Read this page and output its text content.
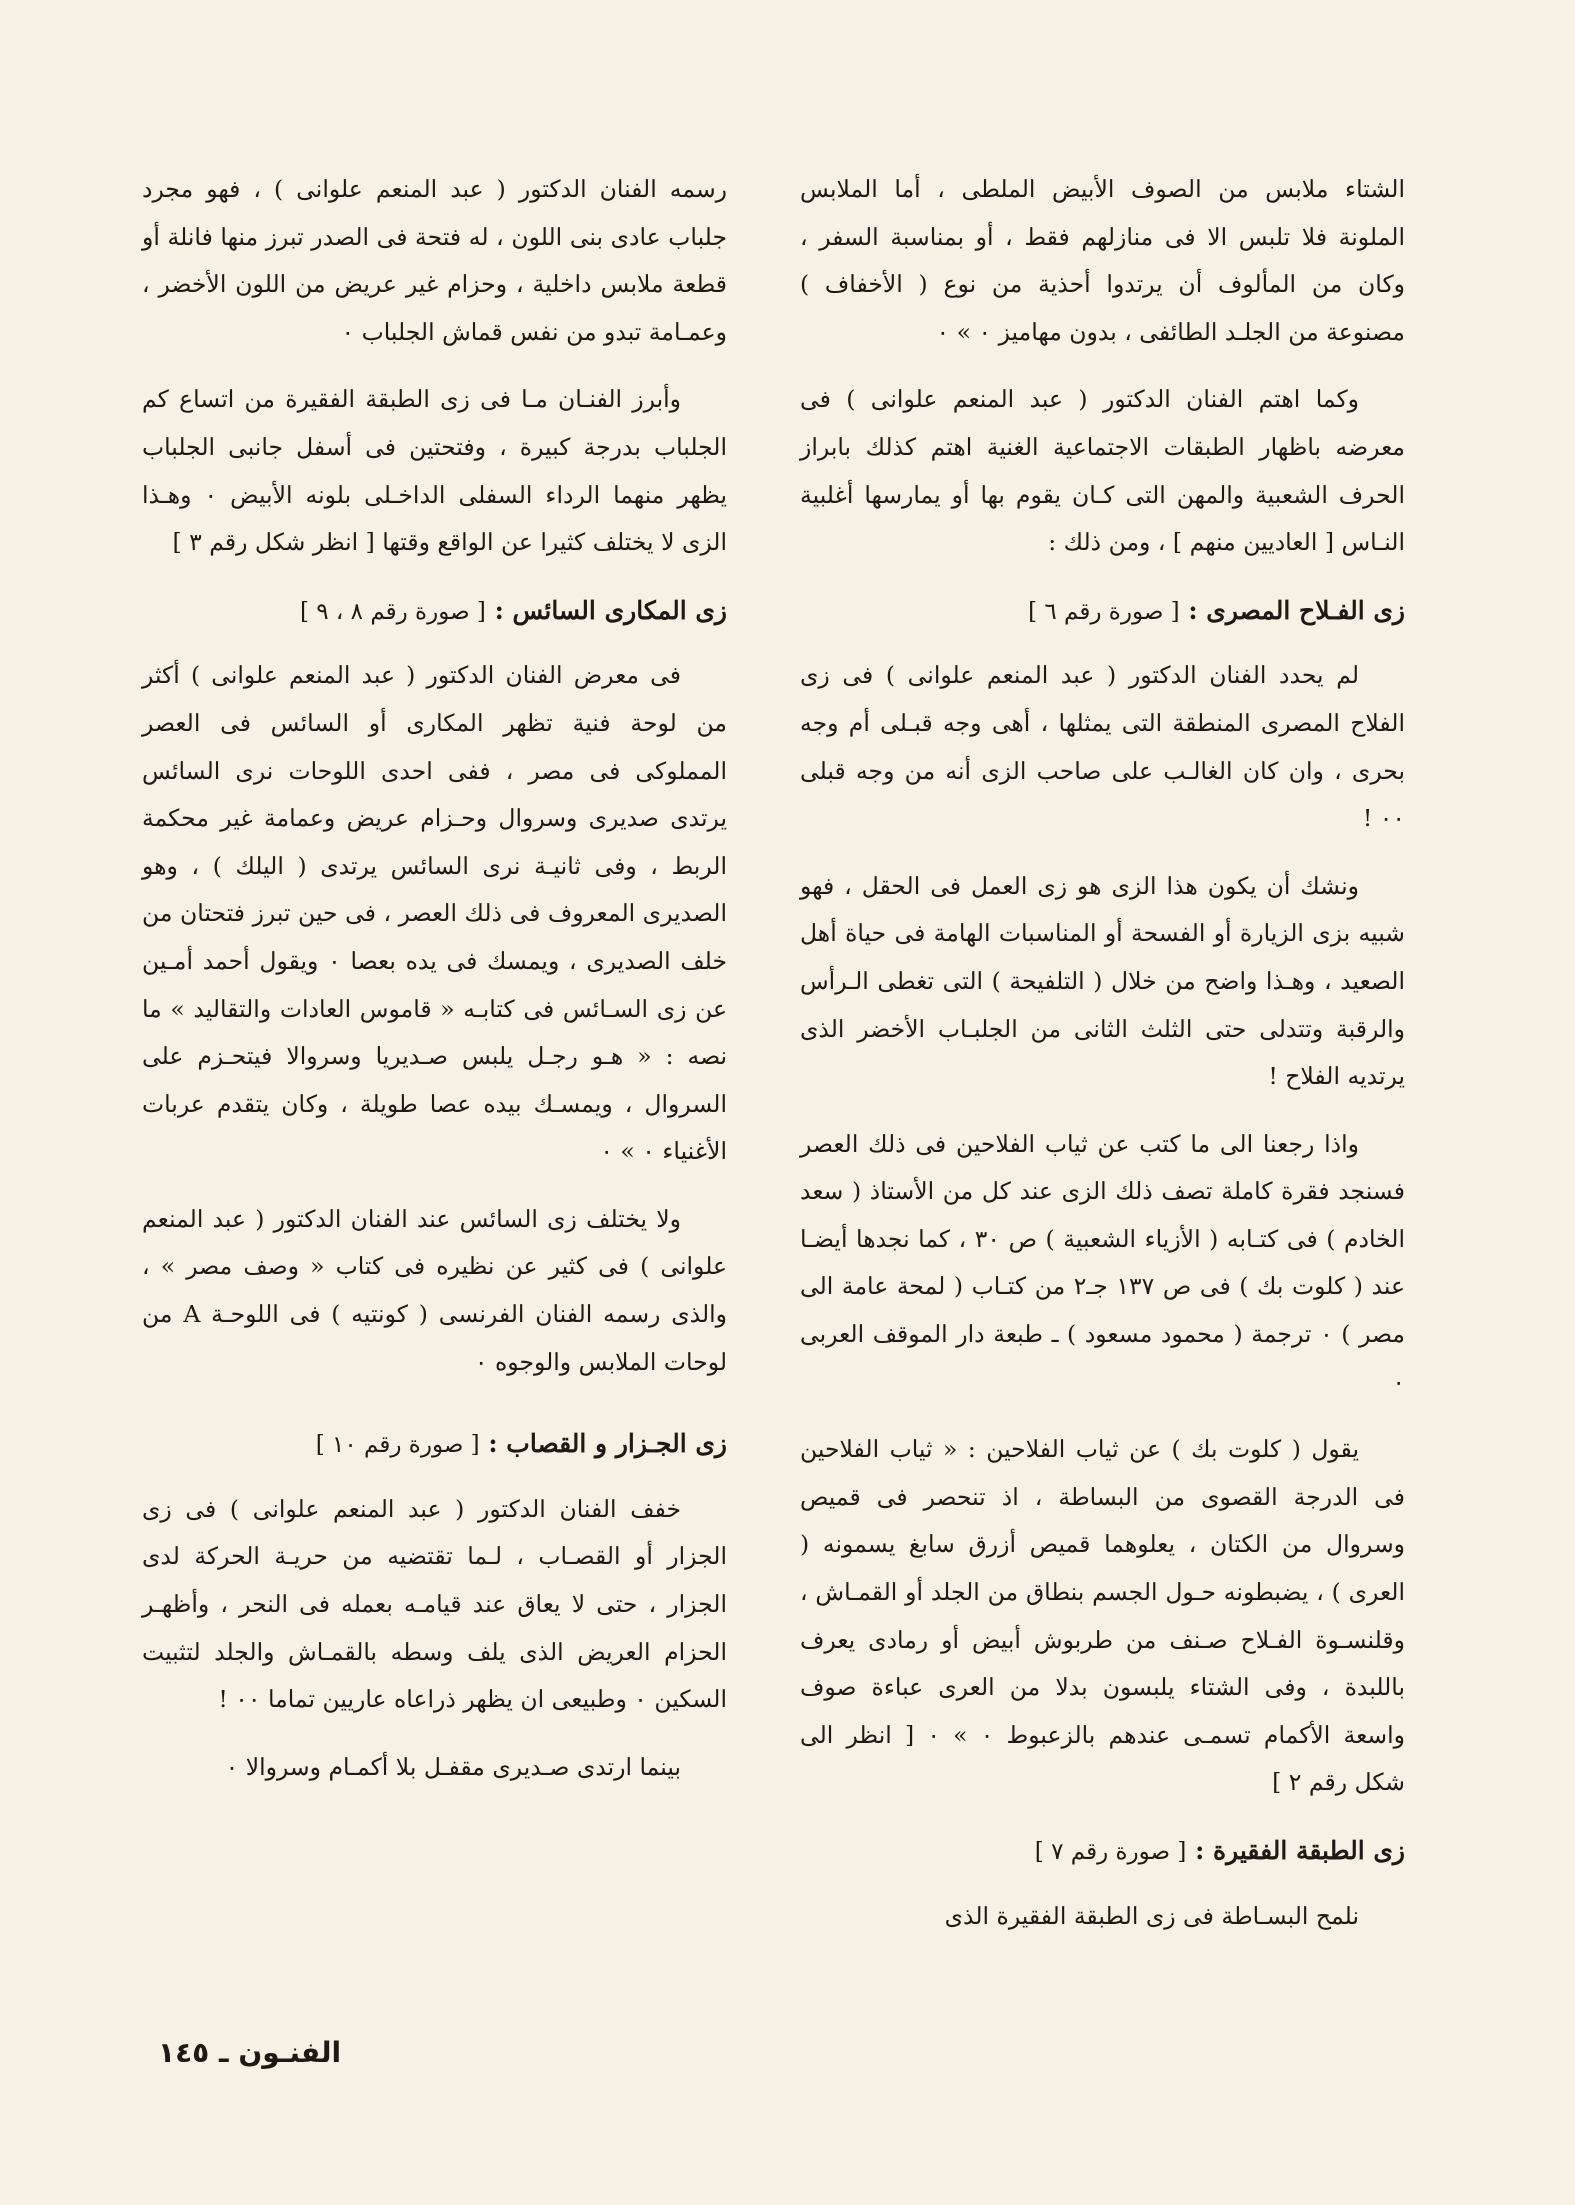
الشتاء ملابس من الصوف الأبيض الملطى ، أما الملابس الملونة فلا تلبس الا فى منازلهم فقط ، أو بمناسبة السفر ، وكان من المألوف أن يرتدوا أحذية من نوع ( الأخفاف ) مصنوعة من الجلـد الطائفى ، بدون مهاميز ٠ » ٠

وكما اهتم الفنان الدكتور ( عبد المنعم علوانى ) فى معرضه باظهار الطبقات الاجتماعية الغنية اهتم كذلك بابراز الحرف الشعبية والمهن التى كـان يقوم بها أو يمارسها أغلبية النـاس [ العاديين منهم ] ، ومن ذلك :

زى الفـلاح المصرى : [ صورة رقم ٦ ]

لم يحدد الفنان الدكتور ( عبد المنعم علوانى ) فى زى الفلاح المصرى المنطقة التى يمثلها ، أهى وجه قبـلى أم وجه بحرى ، وان كان الغالـب على صاحب الزى أنه من وجه قبلى ٠٠ !

ونشك أن يكون هذا الزى هو زى العمل فى الحقل ، فهو شبيه بزى الزيارة أو الفسحة أو المناسبات الهامة فى حياة أهل الصعيد ، وهـذا واضح من خلال ( التلفيحة ) التى تغطى الـرأس والرقبة وتتدلى حتى الثلث الثانى من الجلبـاب الأخضر الذى يرتديه الفلاح !

واذا رجعنا الى ما كتب عن ثياب الفلاحين فى ذلك العصر فسنجد فقرة كاملة تصف ذلك الزى عند كل من الأستاذ ( سعد الخادم ) فى كتـابه ( الأزياء الشعبية ) ص ٣٠ ، كما نجدها أيضـا عند ( كلوت بك ) فى ص ١٣٧ جـ٢ من كتـاب ( لمحة عامة الى مصر ) ٠ ترجمة ( محمود مسعود ) ـ طبعة دار الموقف العربى ٠

يقول ( كلوت بك ) عن ثياب الفلاحين : « ثياب الفلاحين فى الدرجة القصوى من البساطة ، اذ تنحصر فى قميص وسروال من الكتان ، يعلوهما قميص أزرق سابغ يسمونه ( العرى ) ، يضبطونه حـول الجسم بنطاق من الجلد أو القمـاش ، وقلنسـوة الفـلاح صـنف من طربوش أبيض أو رمادى يعرف باللبدة ، وفى الشتاء يلبسون بدلا من العرى عباءة صوف واسعة الأكمام تسمـى عندهم بالزعبوط ٠ » ٠ [ انظر الى شكل رقم ٢ ]

زى الطبقة الفقيرة : [ صورة رقم ٧ ]

نلمح البسـاطة فى زى الطبقة الفقيرة الذى

رسمه الفنان الدكتور ( عبد المنعم علوانى ) ، فهو مجرد جلباب عادى بنى اللون ، له فتحة فى الصدر تبرز منها فانلة أو قطعة ملابس داخلية ، وحزام غير عريض من اللون الأخضر ، وعمـامة تبدو من نفس قماش الجلباب ٠

وأبرز الفنـان مـا فى زى الطبقة الفقيرة من اتساع كم الجلباب بدرجة كبيرة ، وفتحتين فى أسفل جانبى الجلباب يظهر منهما الرداء السفلى الداخـلى بلونه الأبيض ٠ وهـذا الزى لا يختلف كثيرا عن الواقع وقتها [ انظر شكل رقم ٣ ]

زى المكارى السائس : [ صورة رقم ٨ ، ٩ ]

فى معرض الفنان الدكتور ( عبد المنعم علوانى ) أكثر من لوحة فنية تظهر المكارى أو السائس فى العصر المملوكى فى مصر ، ففى احدى اللوحات نرى السائس يرتدى صديرى وسروال وحـزام عريض وعمامة غير محكمة الربط ، وفى ثانيـة نرى السائس يرتدى ( اليلك ) ، وهو الصديرى المعروف فى ذلك العصر ، فى حين تبرز فتحتان من خلف الصديرى ، ويمسك فى يده بعصا ٠ ويقول أحمد أمـين عن زى السـائس فى كتابـه « قاموس العادات والتقاليد » ما نصه : « هـو رجـل يلبس صـديريا وسروالا فيتحـزم على السروال ، ويمسـك بيده عصا طويلة ، وكان يتقدم عربات الأغنياء ٠ » ٠

ولا يختلف زى السائس عند الفنان الدكتور ( عبد المنعم علوانى ) فى كثير عن نظيره فى كتاب « وصف مصر » ، والذى رسمه الفنان الفرنسى ( كونتيه ) فى اللوحـة A من لوحات الملابس والوجوه ٠

زى الجـزار و القصاب : [ صورة رقم ١٠ ]

خفف الفنان الدكتور ( عبد المنعم علوانى ) فى زى الجزار أو القصـاب ، لـما تقتضيه من حريـة الحركة لدى الجزار ، حتى لا يعاق عند قيامـه بعمله فى النحر ، وأظهـر الحزام العريض الذى يلف وسطه بالقمـاش والجلد لتثبيت السكين ٠ وطبيعى ان يظهر ذراعاه عاريين تماما ٠٠ !

بينما ارتدى صـديرى مقفـل بلا أكمـام وسروالا ٠

الفنـون ـ ١٤٥
